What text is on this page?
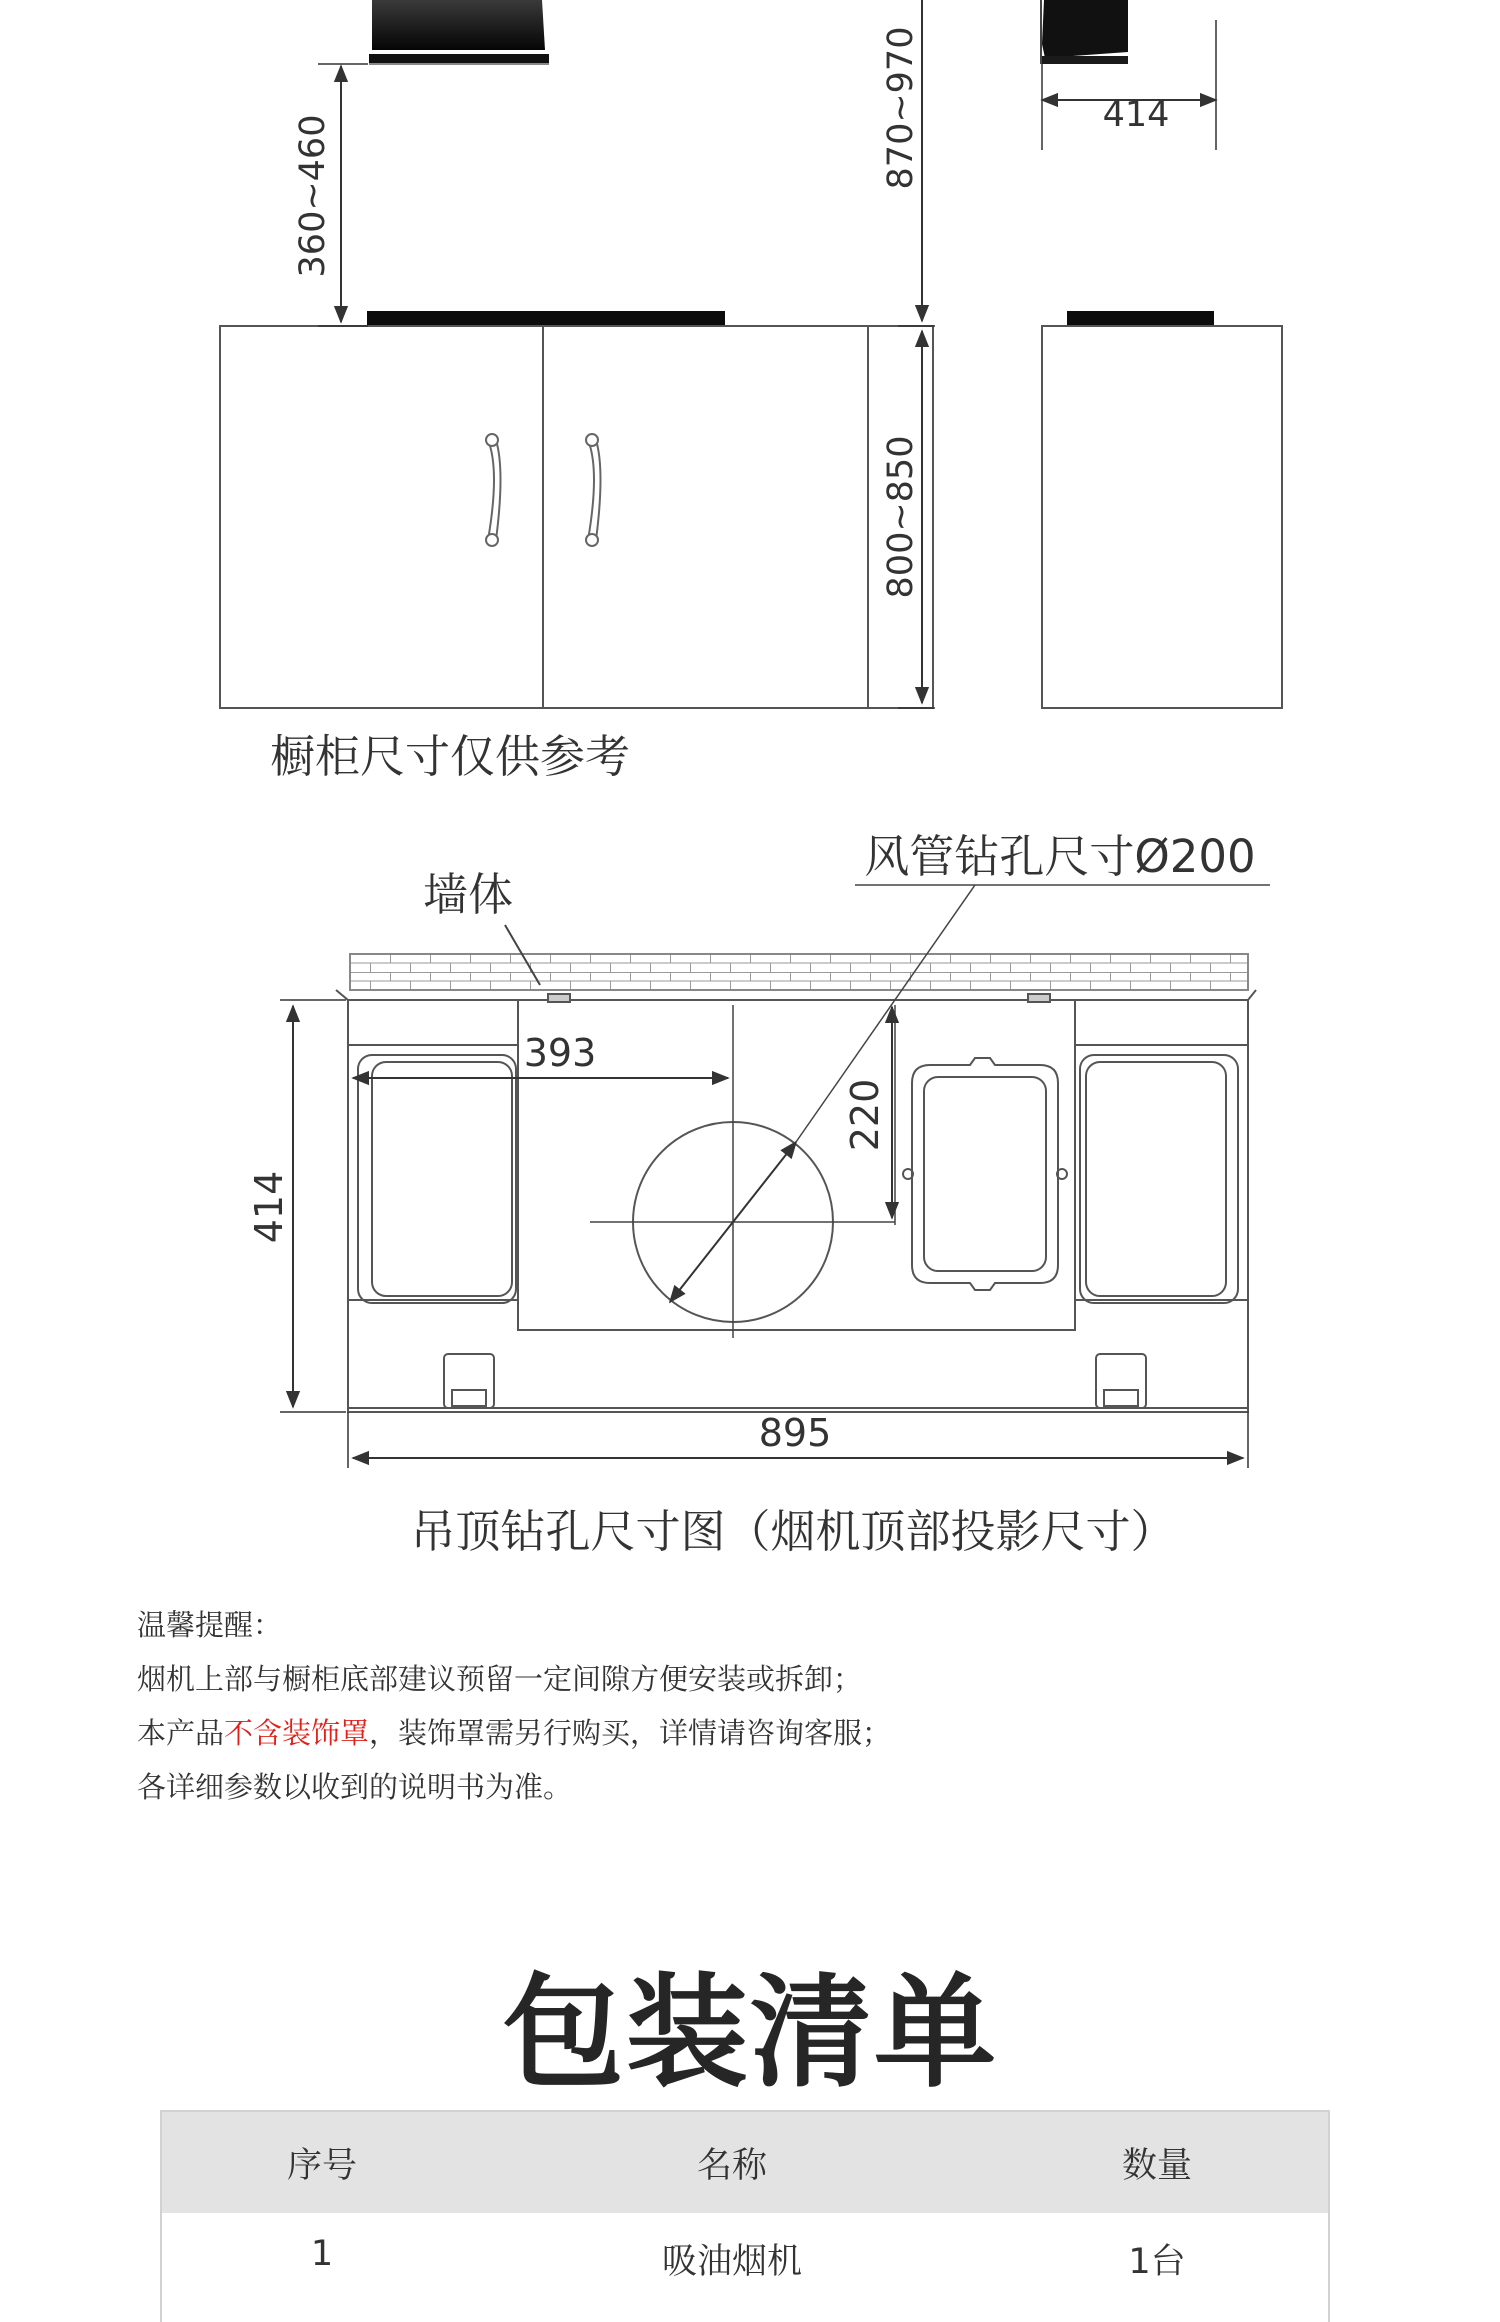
360~460
870~970
800~850
414
墙体
风管钻孔尺寸Ø200
393
220
414
895
橱柜尺寸仅供参考
吊顶钻孔尺寸图（烟机顶部投影尺寸）
温馨提醒：
烟机上部与橱柜底部建议预留一定间隙方便安装或拆卸；
本产品不含装饰罩，装饰罩需另行购买，详情请咨询客服；
各详细参数以收到的说明书为准。
包装清单
序号	名称	数量
1	吸油烟机	1台
